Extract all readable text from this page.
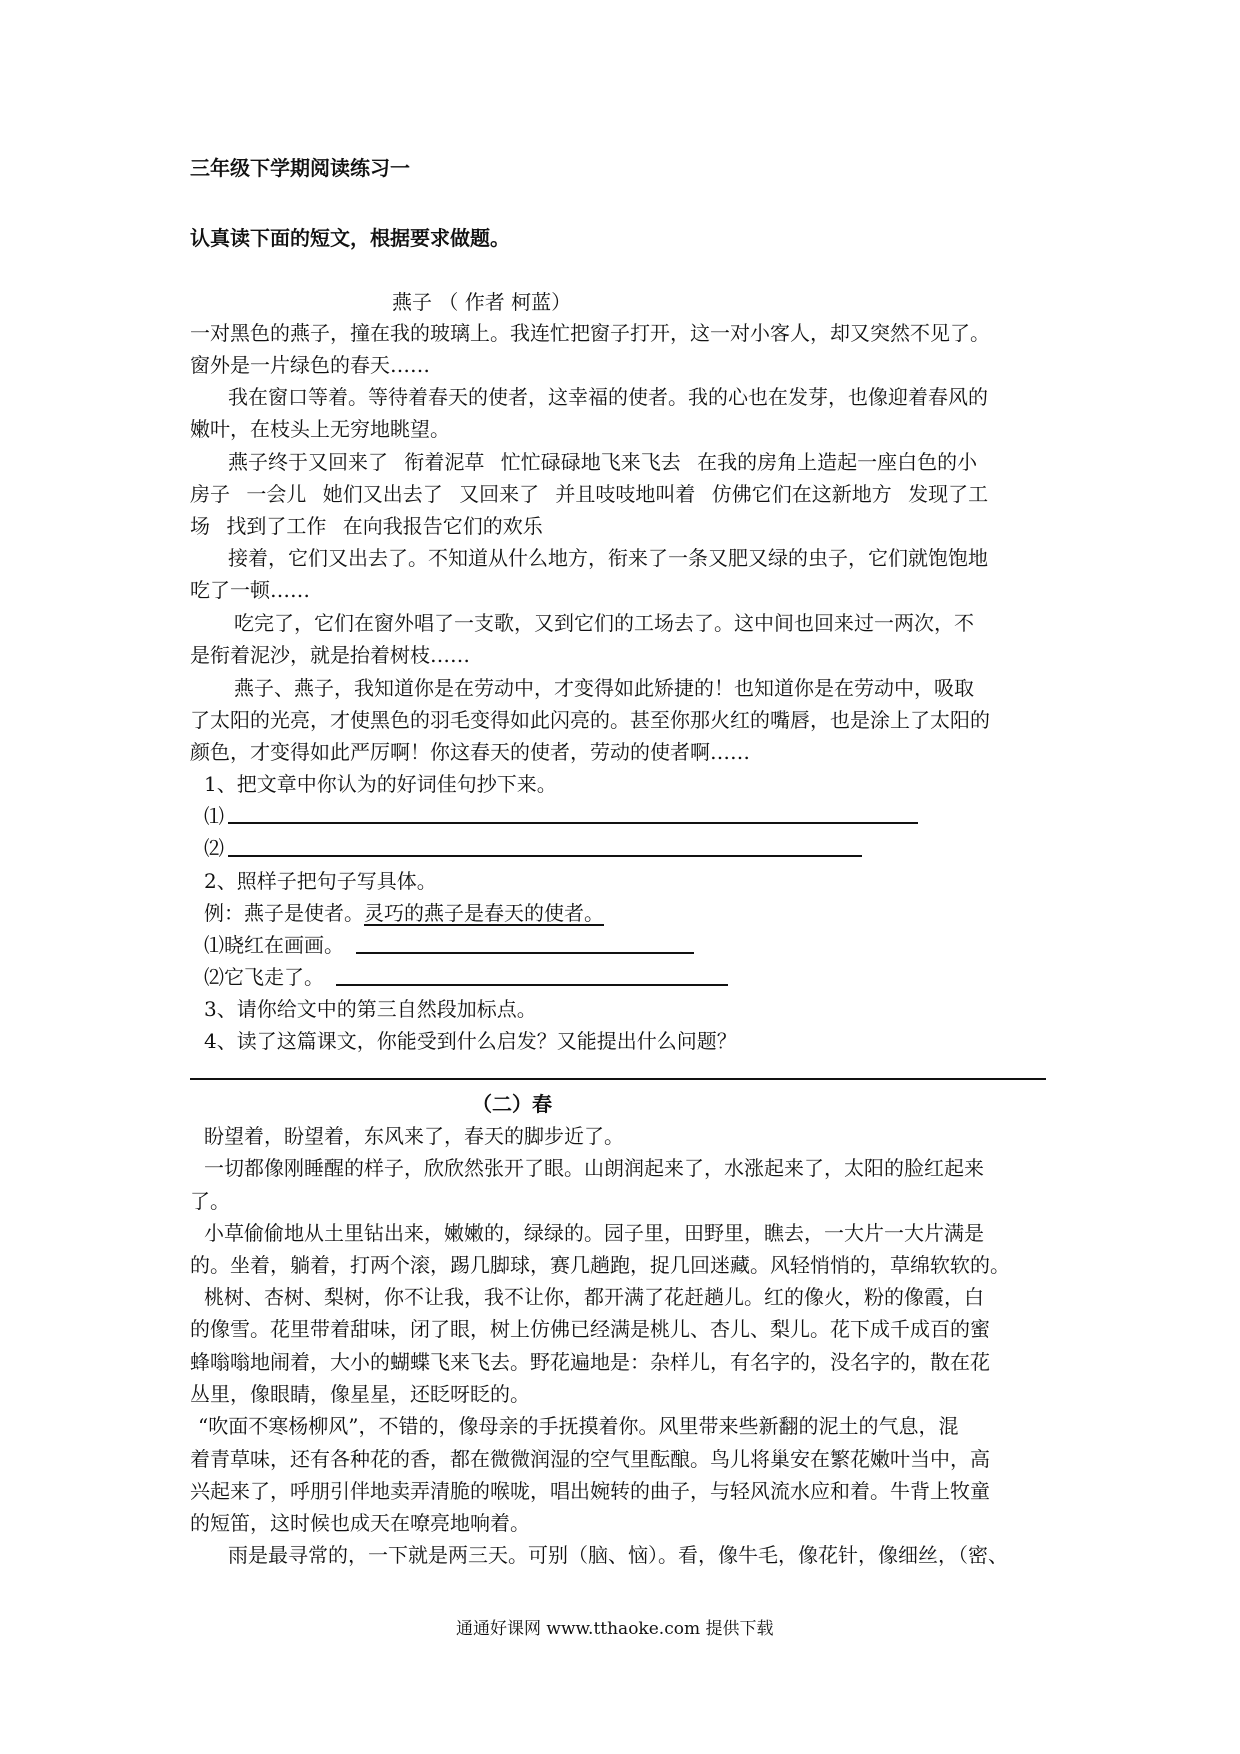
三年级下学期阅读练习一
认真读下面的短文，根据要求做题。
燕子 （ 作者 柯蓝）
一对黑色的燕子，撞在我的玻璃上。我连忙把窗子打开，这一对小客人，却又突然不见了。
窗外是一片绿色的春天……
我在窗口等着。等待着春天的使者，这幸福的使者。我的心也在发芽，也像迎着春风的
嫩叶，在枝头上无穷地眺望。
燕子终于又回来了 衔着泥草 忙忙碌碌地飞来飞去 在我的房角上造起一座白色的小
房子 一会儿 她们又出去了 又回来了 并且吱吱地叫着 仿佛它们在这新地方 发现了工
场 找到了工作 在向我报告它们的欢乐
接着，它们又出去了。不知道从什么地方，衔来了一条又肥又绿的虫子，它们就饱饱地
吃了一顿……
吃完了，它们在窗外唱了一支歌，又到它们的工场去了。这中间也回来过一两次，不
是衔着泥沙，就是抬着树枝……
燕子、燕子，我知道你是在劳动中，才变得如此矫捷的！也知道你是在劳动中，吸取
了太阳的光亮，才使黑色的羽毛变得如此闪亮的。甚至你那火红的嘴唇，也是涂上了太阳的
颜色，才变得如此严厉啊！你这春天的使者，劳动的使者啊……
1、把文章中你认为的好词佳句抄下来。
⑴
⑵
2、照样子把句子写具体。
例：燕子是使者。灵巧的燕子是春天的使者。
⑴晓红在画画。
⑵它飞走了。
3、请你给文中的第三自然段加标点。
4、读了这篇课文，你能受到什么启发？又能提出什么问题？
（二）春
盼望着，盼望着，东风来了，春天的脚步近了。
一切都像刚睡醒的样子，欣欣然张开了眼。山朗润起来了，水涨起来了，太阳的脸红起来
了。
小草偷偷地从土里钻出来，嫩嫩的，绿绿的。园子里，田野里，瞧去，一大片一大片满是
的。坐着，躺着，打两个滚，踢几脚球，赛几趟跑，捉几回迷藏。风轻悄悄的，草绵软软的。
桃树、杏树、梨树，你不让我，我不让你，都开满了花赶趟儿。红的像火，粉的像霞，白
的像雪。花里带着甜味，闭了眼，树上仿佛已经满是桃儿、杏儿、梨儿。花下成千成百的蜜
蜂嗡嗡地闹着，大小的蝴蝶飞来飞去。野花遍地是：杂样儿，有名字的，没名字的，散在花
丛里，像眼睛，像星星，还眨呀眨的。
“吹面不寒杨柳风”，不错的，像母亲的手抚摸着你。风里带来些新翻的泥土的气息，混
着青草味，还有各种花的香，都在微微润湿的空气里酝酿。鸟儿将巢安在繁花嫩叶当中，高
兴起来了，呼朋引伴地卖弄清脆的喉咙，唱出婉转的曲子，与轻风流水应和着。牛背上牧童
的短笛，这时候也成天在嘹亮地响着。
雨是最寻常的，一下就是两三天。可别（脑、恼）。看，像牛毛，像花针，像细丝，（密、
通通好课网 www.tthaoke.com 提供下载
